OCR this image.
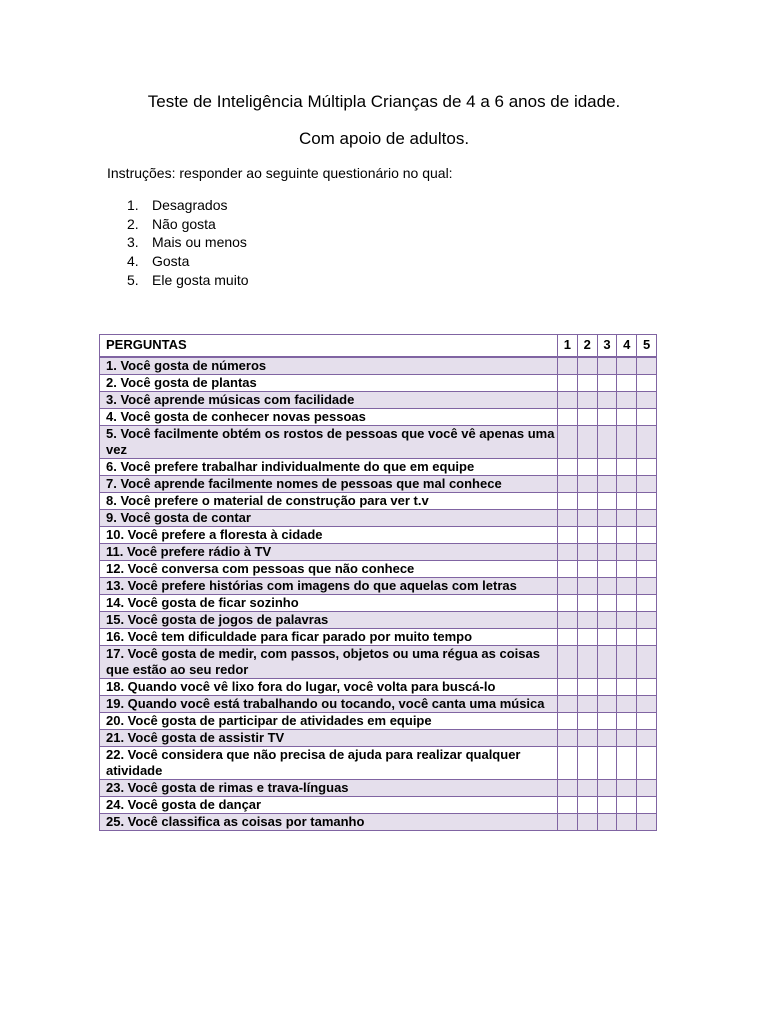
Teste de Inteligência Múltipla Crianças de 4 a 6 anos de idade.
Com apoio de adultos.
Instruções: responder ao seguinte questionário no qual:
1. Desagrados
2. Não gosta
3. Mais ou menos
4. Gosta
5. Ele gosta muito
PERGUNTAS	1	2	3	4	5
1. Você gosta de números					
2. Você gosta de plantas					
3. Você aprende músicas com facilidade					
4. Você gosta de conhecer novas pessoas					
5. Você facilmente obtém os rostos de pessoas que você vê apenas uma vez					
6. Você prefere trabalhar individualmente do que em equipe					
7. Você aprende facilmente nomes de pessoas que mal conhece					
8. Você prefere o material de construção para ver t.v					
9. Você gosta de contar					
10. Você prefere a floresta à cidade					
11. Você prefere rádio à TV					
12. Você conversa com pessoas que não conhece					
13. Você prefere histórias com imagens do que aquelas com letras					
14. Você gosta de ficar sozinho					
15. Você gosta de jogos de palavras					
16. Você tem dificuldade para ficar parado por muito tempo					
17. Você gosta de medir, com passos, objetos ou uma régua as coisas que estão ao seu redor					
18. Quando você vê lixo fora do lugar, você volta para buscá-lo					
19. Quando você está trabalhando ou tocando, você canta uma música					
20. Você gosta de participar de atividades em equipe					
21. Você gosta de assistir TV					
22. Você considera que não precisa de ajuda para realizar qualquer atividade					
23. Você gosta de rimas e trava-línguas					
24. Você gosta de dançar					
25. Você classifica as coisas por tamanho					
